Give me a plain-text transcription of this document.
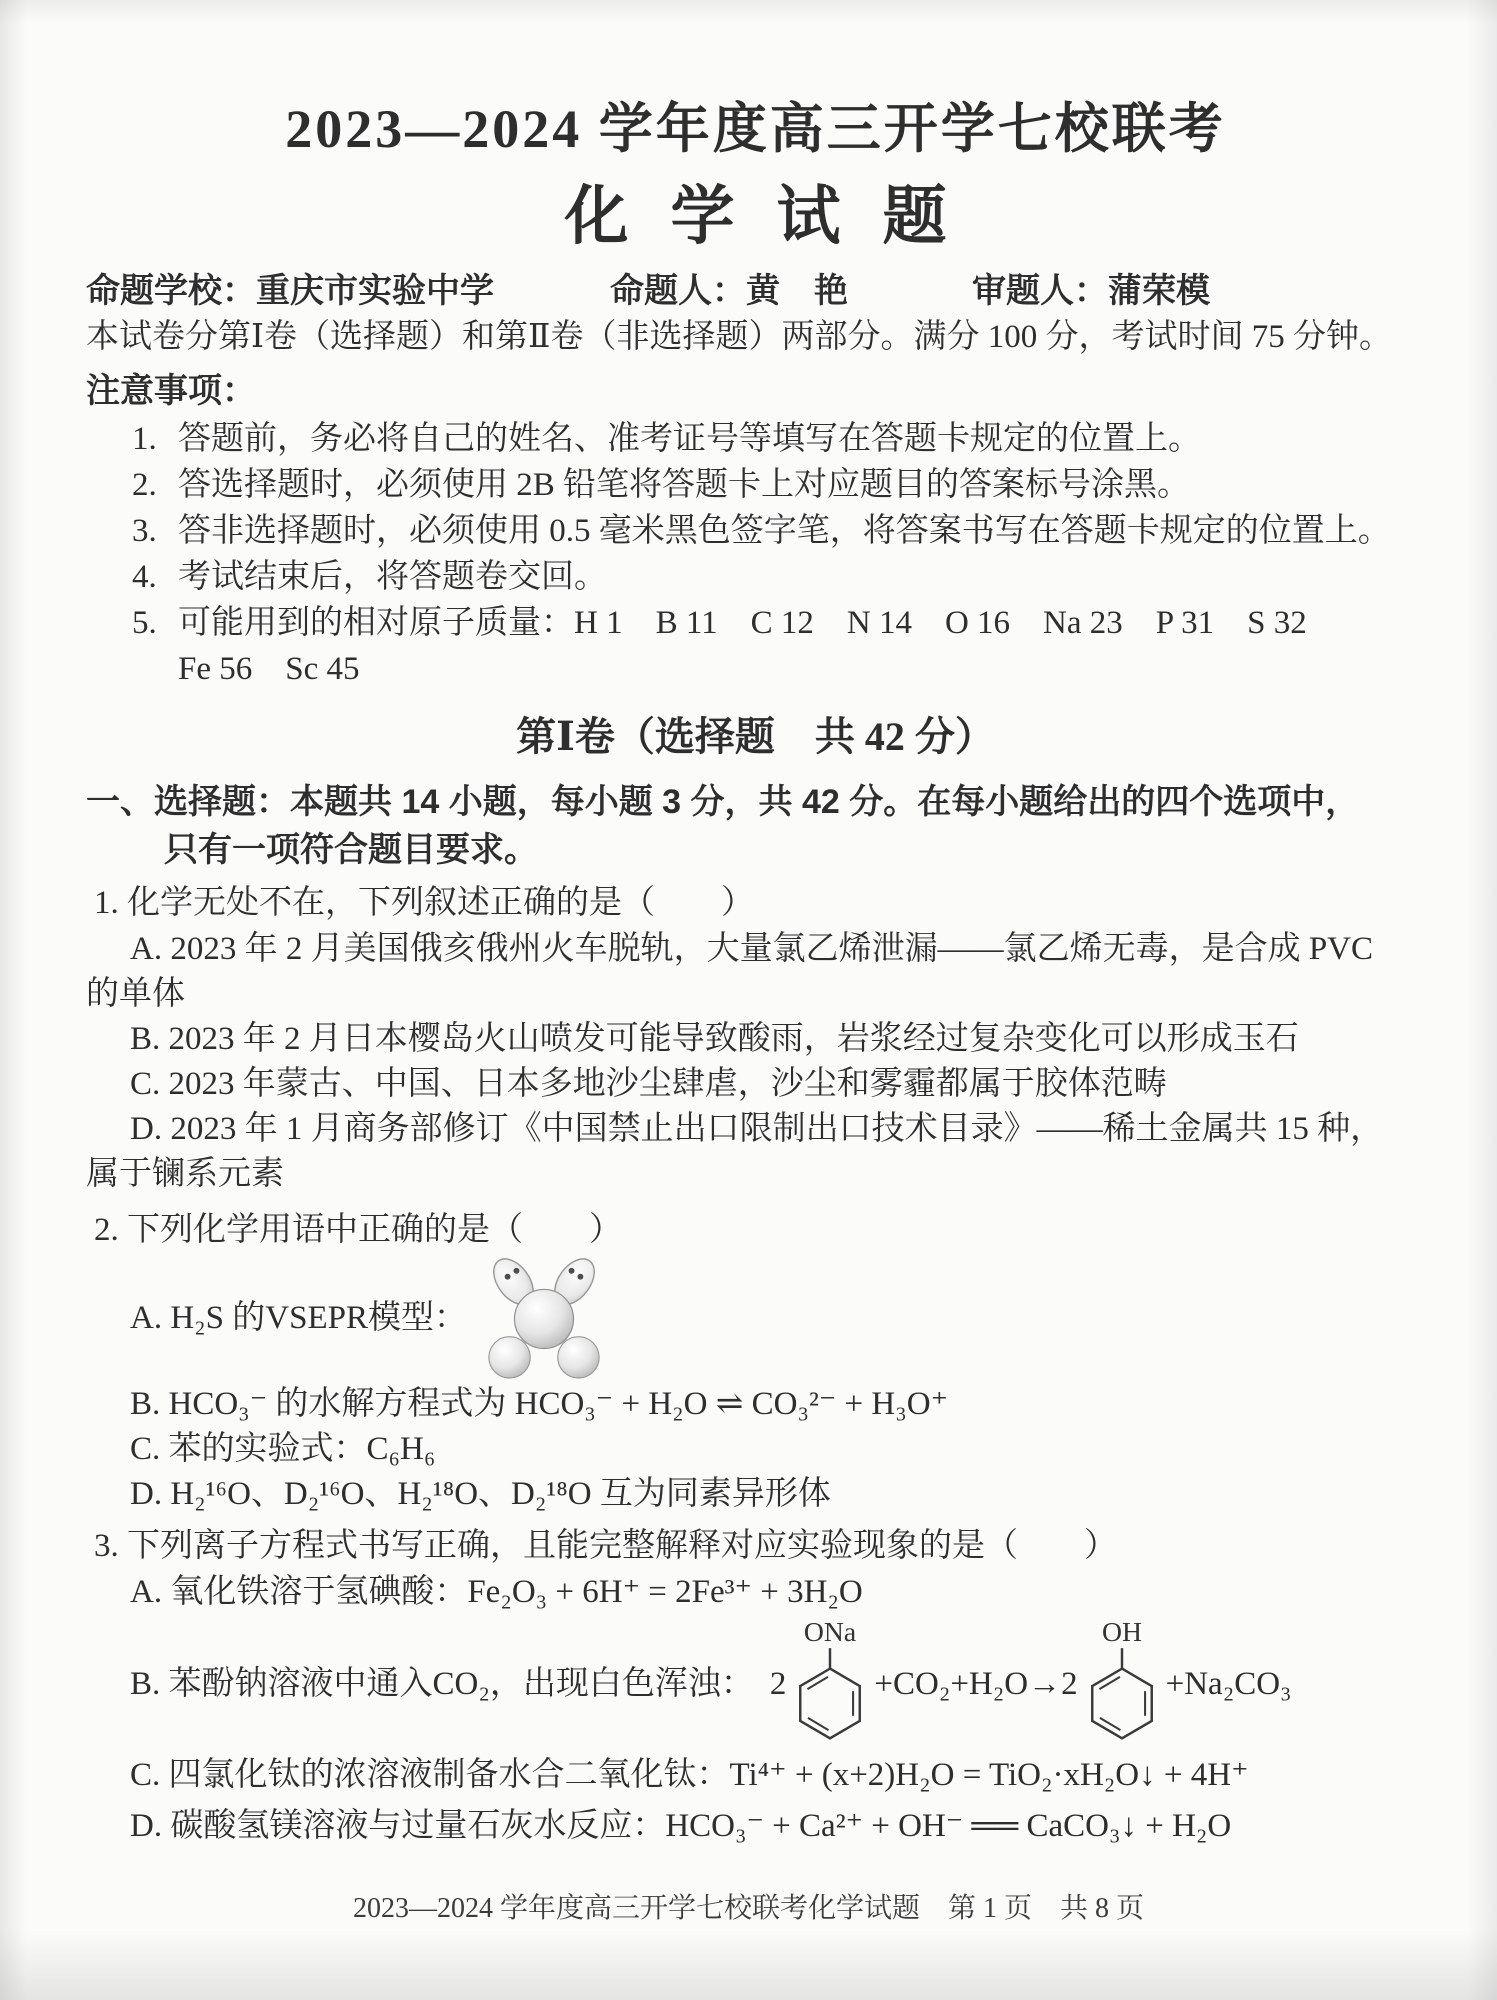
2023—2024 学年度高三开学七校联考
化学试题
命题学校：重庆市实验中学	命题人：黄　艳	审题人：蒲荣模

本试卷分第Ⅰ卷（选择题）和第Ⅱ卷（非选择题）两部分。满分 100 分，考试时间 75 分钟。

注意事项：

1. 答题前，务必将自己的姓名、准考证号等填写在答题卡规定的位置上。
2. 答选择题时，必须使用 2B 铅笔将答题卡上对应题目的答案标号涂黑。
3. 答非选择题时，必须使用 0.5 毫米黑色签字笔，将答案书写在答题卡规定的位置上。
4. 考试结束后，将答题卷交回。
5. 可能用到的相对原子质量：H 1　B 11　C 12　N 14　O 16　Na 23　P 31　S 32
Fe 56　Sc 45
第Ⅰ卷（选择题　共 42 分）

一、选择题：本题共 14 小题，每小题 3 分，共 42 分。在每小题给出的四个选项中，只有一项符合题目要求。

1. 化学无处不在，下列叙述正确的是（　　）

A. 2023 年 2 月美国俄亥俄州火车脱轨，大量氯乙烯泄漏——氯乙烯无毒，是合成 PVC 的单体

B. 2023 年 2 月日本樱岛火山喷发可能导致酸雨，岩浆经过复杂变化可以形成玉石

C. 2023 年蒙古、中国、日本多地沙尘肆虐，沙尘和雾霾都属于胶体范畴

D. 2023 年 1 月商务部修订《中国禁止出口限制出口技术目录》——稀土金属共 15 种，属于镧系元素

2. 下列化学用语中正确的是（　　）

A. H₂S 的VSEPR模型：

B. HCO₃⁻ 的水解方程式为 HCO₃⁻ + H₂O ⇌ CO₃²⁻ + H₃O⁺

C. 苯的实验式：C₆H₆

D. H₂¹⁶O、D₂¹⁶O、H₂¹⁸O、D₂¹⁸O 互为同素异形体

3. 下列离子方程式书写正确，且能完整解释对应实验现象的是（　　）

A. 氧化铁溶于氢碘酸：Fe₂O₃ + 6H⁺ = 2Fe³⁺ + 3H₂O

B. 苯酚钠溶液中通入CO₂，出现白色浑浊： 2
ONa
+CO₂+H₂O→2
OH
+Na₂CO₃

C. 四氯化钛的浓溶液制备水合二氧化钛：Ti⁴⁺ + (x+2)H₂O = TiO₂·xH₂O↓ + 4H⁺

D. 碳酸氢镁溶液与过量石灰水反应：HCO₃⁻ + Ca²⁺ + OH⁻ ══ CaCO₃↓ + H₂O

2023—2024 学年度高三开学七校联考化学试题　第 1 页　共 8 页
